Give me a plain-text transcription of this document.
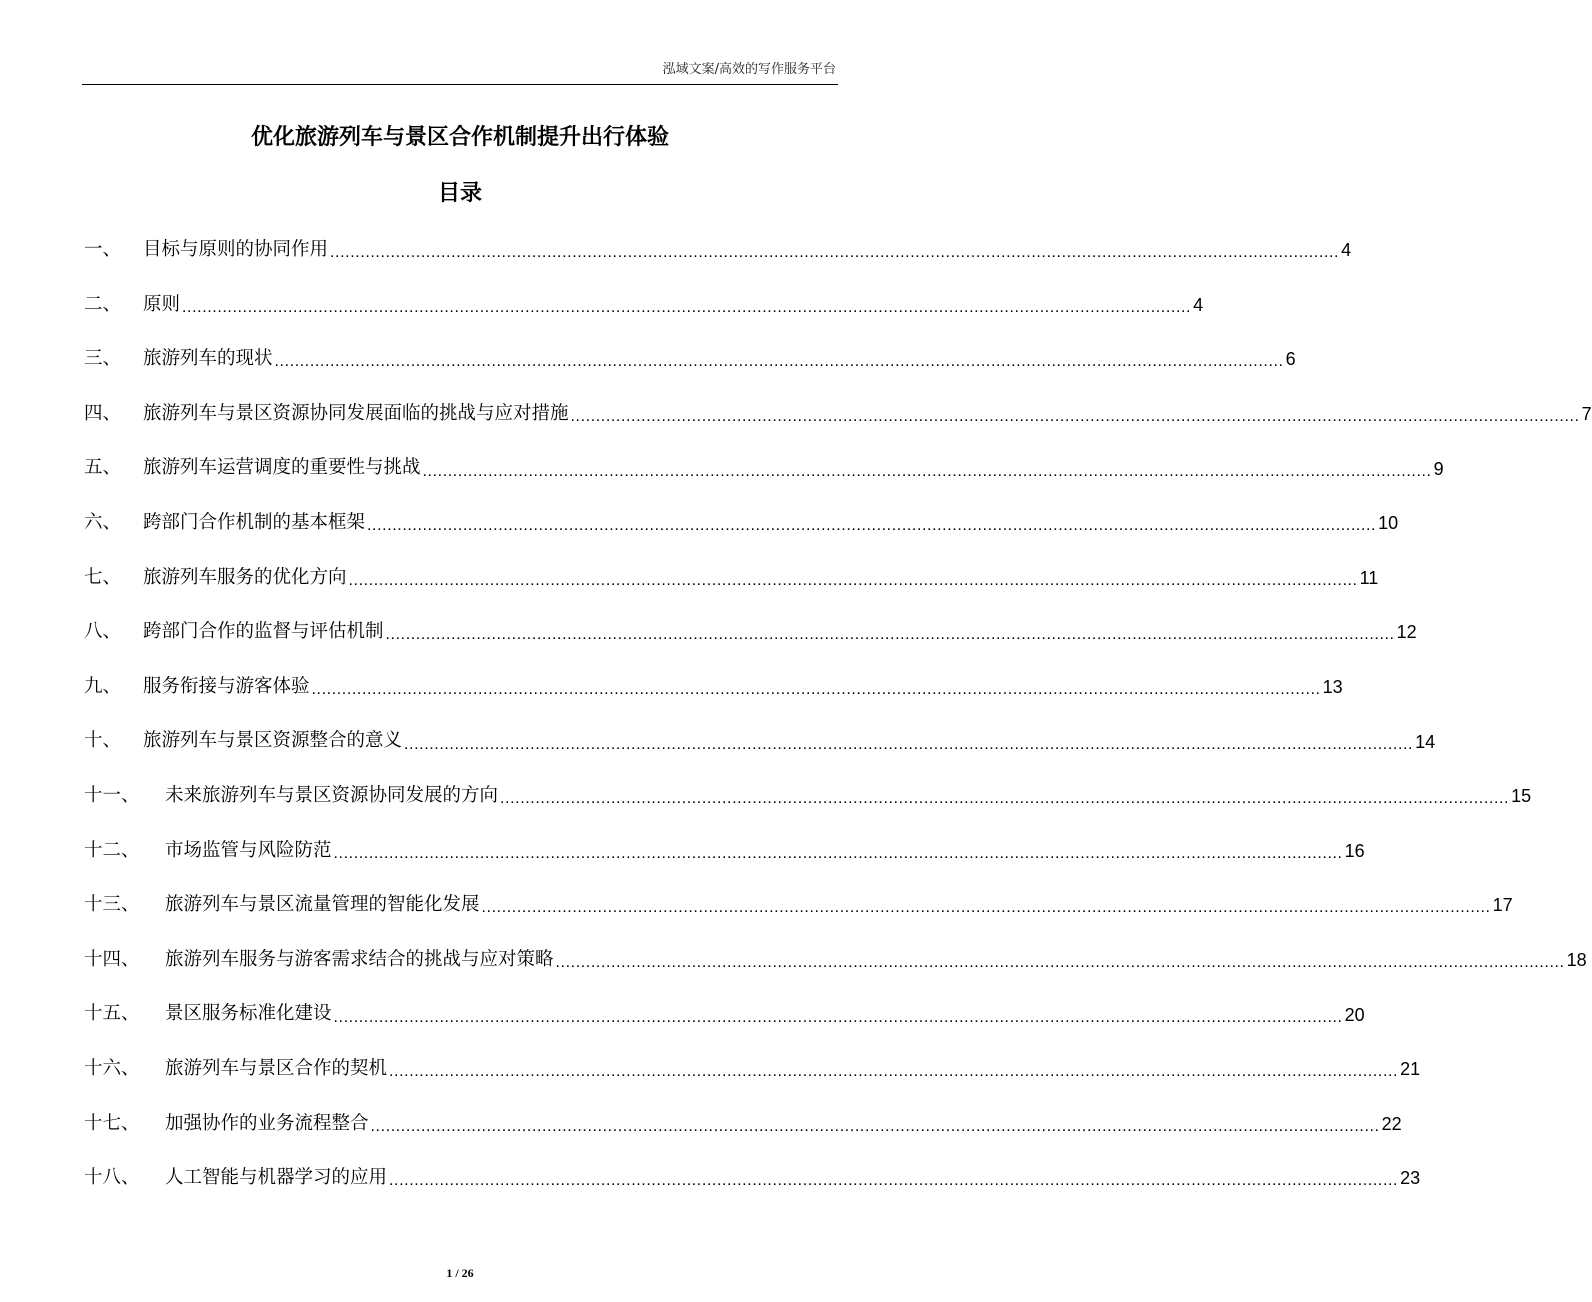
泓域文案/高效的写作服务平台
优化旅游列车与景区合作机制提升出行体验
目录
一、	目标与原则的协同作用 ........................................................................................................................................................................................................ 4
二、	原则 ........................................................................................................................................................................................................ 4
三、	旅游列车的现状 ........................................................................................................................................................................................................ 6
四、	旅游列车与景区资源协同发展面临的挑战与应对措施 ........................................................................................................................................................................................................ 7
五、	旅游列车运营调度的重要性与挑战 ........................................................................................................................................................................................................ 9
六、	跨部门合作机制的基本框架 ........................................................................................................................................................................................................ 10
七、	旅游列车服务的优化方向 ........................................................................................................................................................................................................ 11
八、	跨部门合作的监督与评估机制 ........................................................................................................................................................................................................ 12
九、	服务衔接与游客体验 ........................................................................................................................................................................................................ 13
十、	旅游列车与景区资源整合的意义 ........................................................................................................................................................................................................ 14
十一、	未来旅游列车与景区资源协同发展的方向 ........................................................................................................................................................................................................ 15
十二、	市场监管与风险防范 ........................................................................................................................................................................................................ 16
十三、	旅游列车与景区流量管理的智能化发展 ........................................................................................................................................................................................................ 17
十四、	旅游列车服务与游客需求结合的挑战与应对策略 ........................................................................................................................................................................................................ 18
十五、	景区服务标准化建设 ........................................................................................................................................................................................................ 20
十六、	旅游列车与景区合作的契机 ........................................................................................................................................................................................................ 21
十七、	加强协作的业务流程整合 ........................................................................................................................................................................................................ 22
十八、	人工智能与机器学习的应用 ........................................................................................................................................................................................................ 23
1 / 26
